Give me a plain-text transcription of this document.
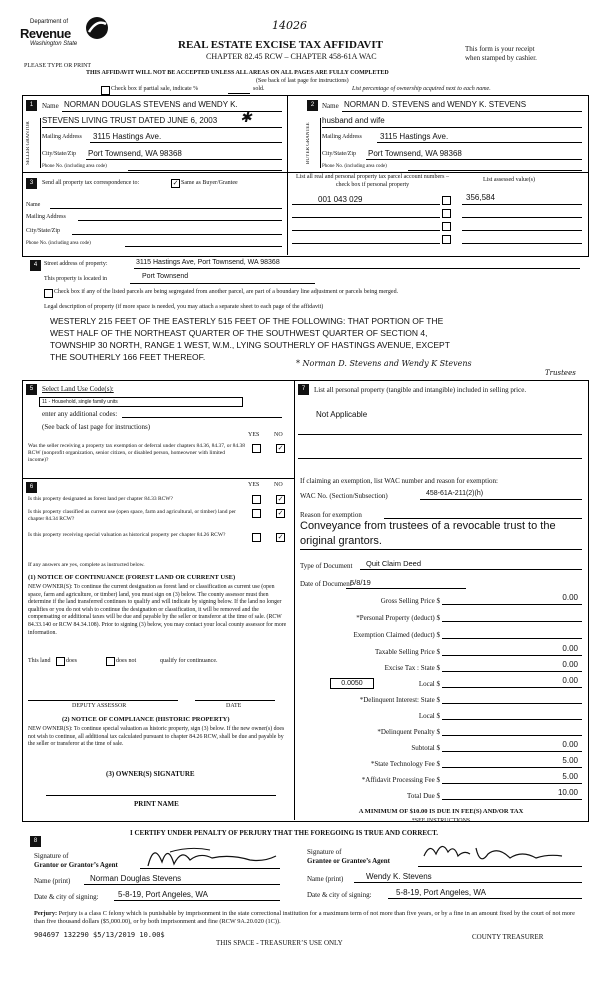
Department of
Revenue
Washington State
14026
REAL ESTATE EXCISE TAX AFFIDAVIT
CHAPTER 82.45 RCW – CHAPTER 458-61A WAC
This form is your receipt
when stamped by cashier.
PLEASE TYPE OR PRINT
THIS AFFIDAVIT WILL NOT BE ACCEPTED UNLESS ALL AREAS ON ALL PAGES ARE FULLY COMPLETED
(See back of last page for instructions)
Check box if partial sale, indicate %	sold.	List percentage of ownership acquired next to each name.
1
SELLER GRANTOR
Name NORMAN DOUGLAS STEVENS and WENDY K.
STEVENS LIVING TRUST DATED JUNE 6, 2003 ✱
Mailing Address 3115 Hastings Ave.
City/State/Zip Port Townsend, WA 98368
Phone No. (including area code)
2
BUYER GRANTEE
Name NORMAN D. STEVENS and WENDY K. STEVENS
husband and wife
Mailing Address 3115 Hastings Ave.
City/State/Zip Port Townsend, WA 98368
Phone No. (including area code)
3	Send all property tax correspondence to:	✓ Same as Buyer/Grantee
Name
Mailing Address
City/State/Zip
Phone No. (including area code)
List all real and personal property tax parcel account numbers – check box if personal property
List assessed value(s)
001 043 029	356,584
4	Street address of property:	3115 Hastings Ave, Port Townsend, WA 98368
This property is located in	Port Townsend
Check box if any of the listed parcels are being segregated from another parcel, are part of a boundary line adjustment or parcels being merged.
Legal description of property (if more space is needed, you may attach a separate sheet to each page of the affidavit)
WESTERLY 215 FEET OF THE EASTERLY 515 FEET OF THE FOLLOWING: THAT PORTION OF THE
WEST HALF OF THE NORTHEAST QUARTER OF THE SOUTHWEST QUARTER OF SECTION 4,
TOWNSHIP 30 NORTH, RANGE 1 WEST, W.M., LYING SOUTHERLY OF HASTINGS AVENUE, EXCEPT
THE SOUTHERLY 166 FEET THEREOF.
* Norman D. Stevens and Wendy K Stevens
Trustees
5	Select Land Use Code(s):
11 - Household, single family units
enter any additional codes:
(See back of last page for instructions)
YES NO
Was the seller receiving a property tax exemption or deferral under chapters 84.36, 84.37, or 84.38 RCW (nonprofit organization, senior citizen, or disabled person, homeowner with limited income)?
✓
6	YES NO
Is this property designated as forest land per chapter 84.33 RCW?	✓
Is this property classified as current use (open space, farm and agricultural, or timber) land per chapter 84.34 RCW?
✓
Is this property receiving special valuation as historical property per chapter 84.26 RCW?	✓
If any answers are yes, complete as instructed below.
(1) NOTICE OF CONTINUANCE (FOREST LAND OR CURRENT USE)
NEW OWNER(S): To continue the current designation as forest land or classification as current use (open space, farm and agriculture, or timber) land, you must sign on (3) below. The county assessor must then determine if the land transferred continues to qualify and will indicate by signing below. If the land no longer qualifies or you do not wish to continue the designation or classification, it will be removed and the compensating or additional taxes will be due and payable by the seller or transferor at the time of sale. (RCW 84.33.140 or RCW 84.34.108). Prior to signing (3) below, you may contact your local county assessor for more information.
This land	does	does not	qualify for continuance.
DEPUTY ASSESSOR	DATE
(2) NOTICE OF COMPLIANCE (HISTORIC PROPERTY)
NEW OWNER(S): To continue special valuation as historic property, sign (3) below. If the new owner(s) does not wish to continue, all additional tax calculated pursuant to chapter 84.26 RCW, shall be due and payable by the seller or transferor at the time of sale.
(3) OWNER(S) SIGNATURE
PRINT NAME
7	List all personal property (tangible and intangible) included in selling price.
Not Applicable
If claiming an exemption, list WAC number and reason for exemption:
WAC No. (Section/Subsection)	458-61A-211(2)(h)
Reason for exemption
Conveyance from trustees of a revocable trust to the
original grantors.
Type of Document Quit Claim Deed
Date of Document
5/8/19
Gross Selling Price $	0.00
*Personal Property (deduct) $
Exemption Claimed (deduct) $
Taxable Selling Price $	0.00
Excise Tax : State $	0.00
0.0050	Local $	0.00
*Delinquent Interest: State $
Local $
*Delinquent Penalty $
Subtotal $	0.00
*State Technology Fee $	5.00
*Affidavit Processing Fee $	5.00
Total Due $	10.00
A MINIMUM OF $10.00 IS DUE IN FEE(S) AND/OR TAX
*SEE INSTRUCTIONS
8
I CERTIFY UNDER PENALTY OF PERJURY THAT THE FOREGOING IS TRUE AND CORRECT.
Signature of
Grantor or Grantor’s Agent
Name (print) Norman Douglas Stevens
Date & city of signing: 5-8-19, Port Angeles, WA
Signature of
Grantee or Grantee’s Agent
Name (print)	Wendy K. Stevens
Date & city of signing:	5-8-19, Port Angeles, WA
Perjury: Perjury is a class C felony which is punishable by imprisonment in the state correctional institution for a maximum term of not more than five years, or by a fine in an amount fixed by the court of not more than five thousand dollars ($5,000.00), or by both imprisonment and fine (RCW 9A.20.020 (1C)).
904697 132290 $5/13/2019 10.00$
THIS SPACE - TREASURER’S USE ONLY
COUNTY TREASURER
